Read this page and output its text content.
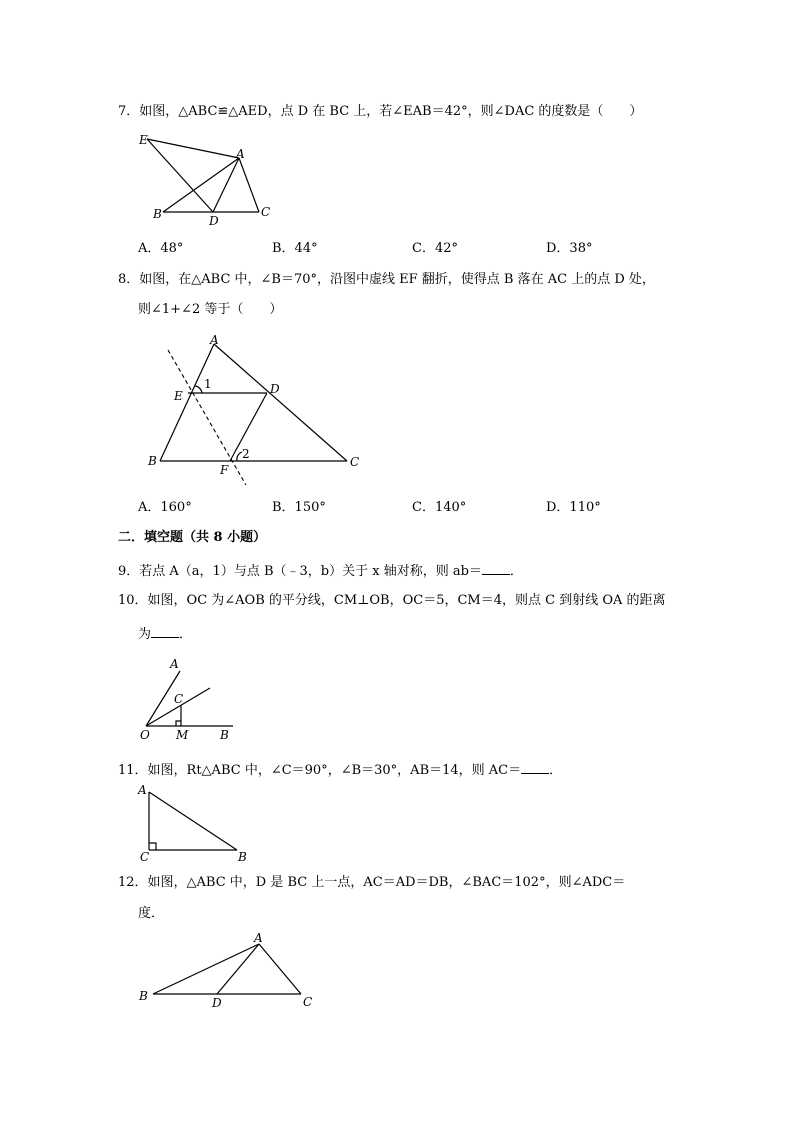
7．如图，△ABC≌△AED，点 D 在 BC 上，若∠EAB＝42°，则∠DAC 的度数是（　　）
E
A
B	D
C
A．48°	B．44°	C．42°	D．38°
8．如图，在△ABC 中，∠B＝70°，沿图中虚线 EF 翻折，使得点 B 落在 AC 上的点 D 处，
则∠1+∠2 等于（　　）
A
E	D
B
F
C
1
2
A．160°	B．150°	C．140°	D．110°
二．填空题（共 8 小题）
9．若点 A（a，1）与点 B（﹣3，b）关于 x 轴对称，则 ab＝ ．
10．如图，OC 为∠AOB 的平分线，CM⊥OB，OC＝5，CM＝4，则点 C 到射线 OA 的距离
为 ．
A
C
O M	B
11．如图，Rt△ABC 中，∠C＝90°，∠B＝30°，AB＝14，则 AC＝ ．
A
C	B
12．如图，△ABC 中，D 是 BC 上一点，AC＝AD＝DB，∠BAC＝102°，则∠ADC＝
度．
A
B	D	C
